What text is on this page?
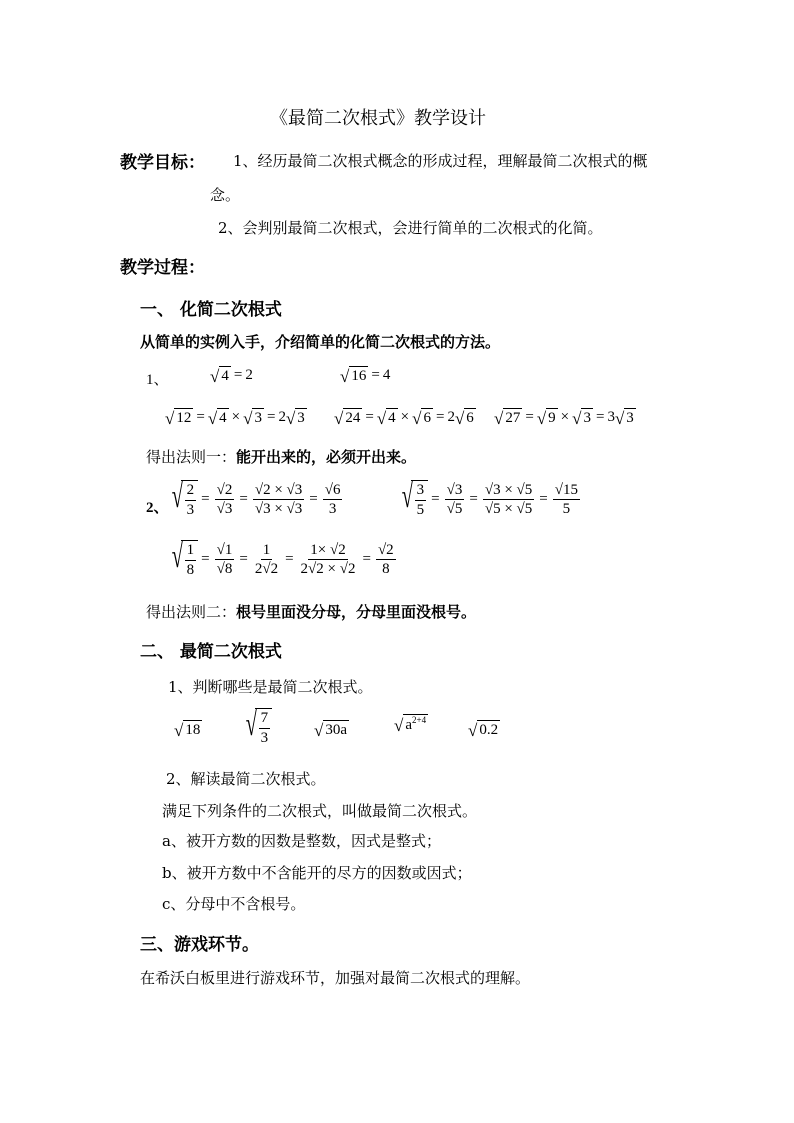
《最简二次根式》教学设计
教学目标： 1、经历最简二次根式概念的形成过程，理解最简二次根式的概
念。
2、会判别最简二次根式，会进行简单的二次根式的化简。
教学过程：
一、 化简二次根式
从简单的实例入手，介绍简单的化简二次根式的方法。
1、 √ 4 = 2	√ 16 = 4
√ 12 = √ 4 × √ 3 = 2 √ 3 √ 24 = √ 4 × √ 6 = 2 √ 6 √ 27 = √ 9 × √ 3 = 3 √ 3
得出法则一：能开出来的，必须开出来。
2、 √ $\frac{2}{3} = \frac{√2}{√3} = \frac{√2 \times √3}{√3 \times √3} = \frac{√6}{3}$ √ $\frac{3}{5} = \frac{√3}{√5} = \frac{√3 \times √5}{√5 \times √5} = \frac{√15}{5}$
√ $\frac{1}{8} = \frac{√1}{√8} = \frac{1}{2√2} = \frac{1\times √2}{2√2 \times √2} = \frac{√2}{8}$
得出法则二：根号里面没分母，分母里面没根号。
二、 最简二次根式
1、判断哪些是最简二次根式。
√ 18 √ $\frac{7}{3}$	√ 30a	√ $a^{2+4}$
√ 0.2
2、解读最简二次根式。
满足下列条件的二次根式，叫做最简二次根式。
a、被开方数的因数是整数，因式是整式；
b、被开方数中不含能开的尽方的因数或因式；
c、分母中不含根号。
三、游戏环节。
在希沃白板里进行游戏环节，加强对最简二次根式的理解。
